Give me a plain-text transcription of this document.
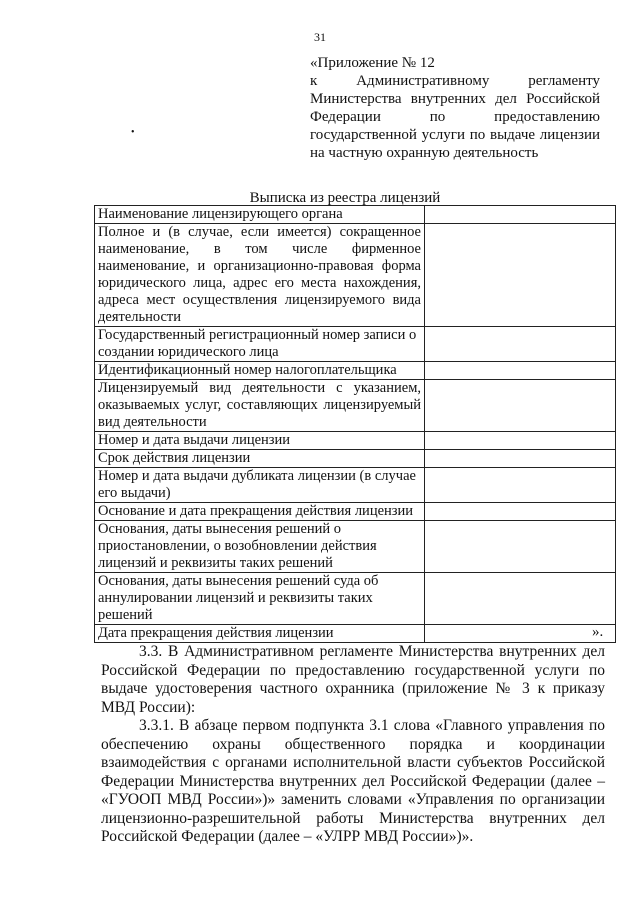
31
«Приложение № 12
к Административному регламенту
Министерства внутренних дел Российской
Федерации по предоставлению
государственной услуги по выдаче лицензии
на частную охранную деятельность
•
Выписка из реестра лицензий
Наименование лицензирующего органа	
Полное и (в случае, если имеется) сокращенное наименование, в том числе фирменное наименование, и организационно-правовая форма юридического лица, адрес его места нахождения, адреса мест осуществления лицензируемого вида деятельности	
Государственный регистрационный номер записи о создании юридического лица	
Идентификационный номер налогоплательщика	
Лицензируемый вид деятельности с указанием, оказываемых услуг, составляющих лицензируемый вид деятельности	
Номер и дата выдачи лицензии	
Срок действия лицензии	
Номер и дата выдачи дубликата лицензии (в случае его выдачи)	
Основание и дата прекращения действия лицензии	
Основания, даты вынесения решений о приостановлении, о возобновлении действия лицензий и реквизиты таких решений	
Основания, даты вынесения решений суда об аннулировании лицензий и реквизиты таких решений	
Дата прекращения действия лицензии		».

3.3. В Административном регламенте Министерства внутренних дел Российской Федерации по предоставлению государственной услуги по выдаче удостоверения частного охранника (приложение № 3 к приказу МВД России):

3.3.1. В абзаце первом подпункта 3.1 слова «Главного управления по обеспечению охраны общественного порядка и координации взаимодействия с органами исполнительной власти субъектов Российской Федерации Министерства внутренних дел Российской Федерации (далее – «ГУООП МВД России»)» заменить словами «Управления по организации лицензионно-разрешительной работы Министерства внутренних дел Российской Федерации (далее – «УЛРР МВД России»)».
